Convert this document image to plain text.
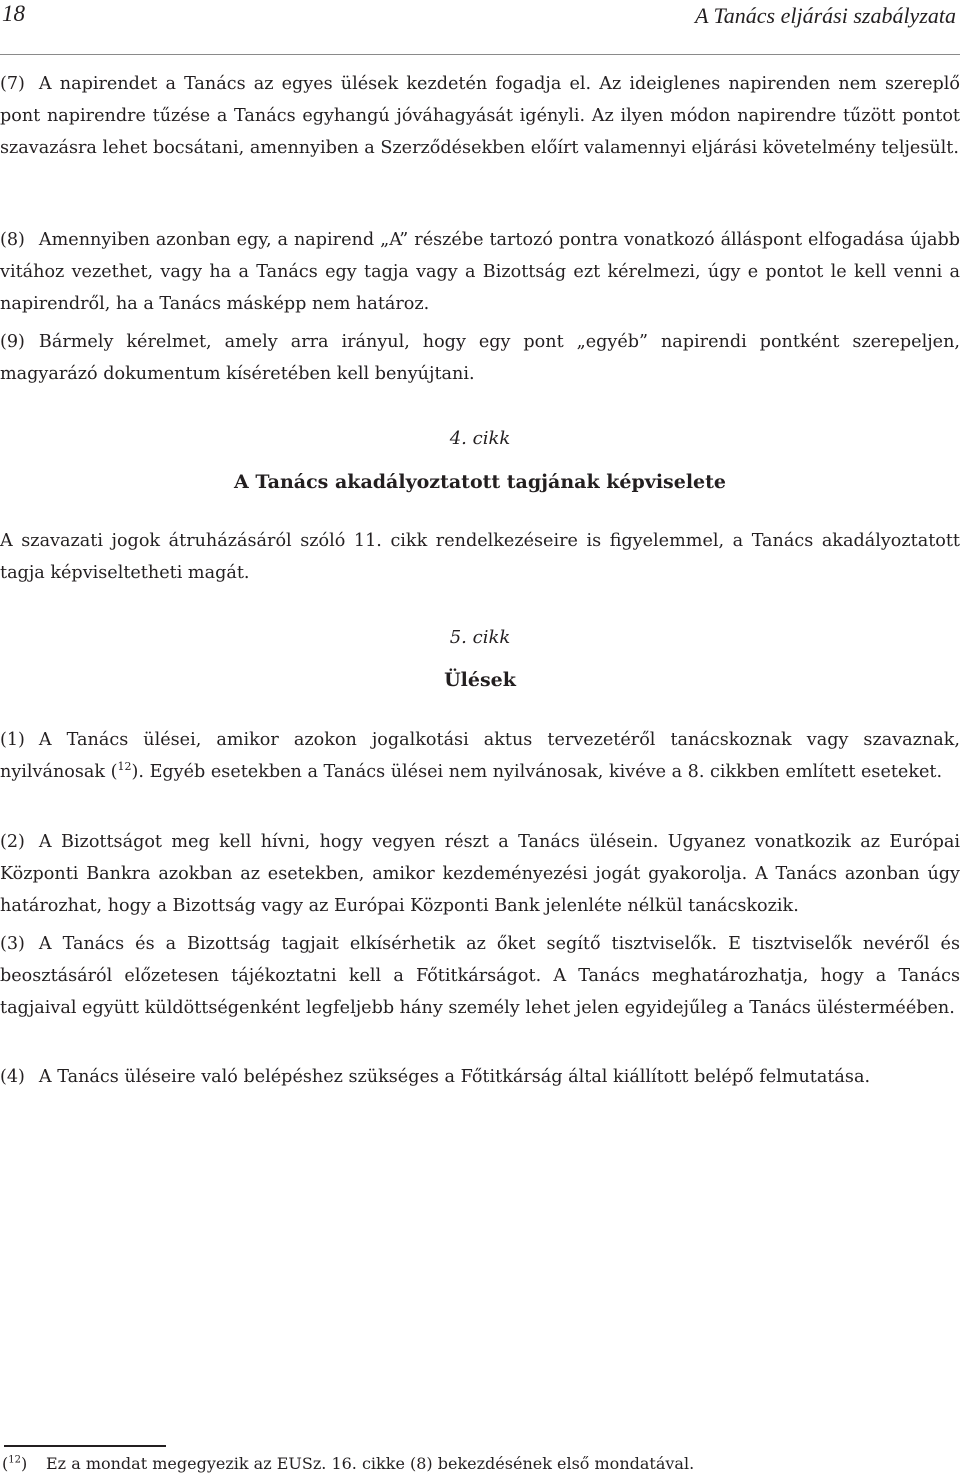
18	A Tanács eljárási szabályzata

(7) A napirendet a Tanács az egyes ülések kezdetén fogadja el. Az ideiglenes napirenden nem szereplő pont napirendre tűzése a Tanács egyhangú jóváhagyását igényli. Az ilyen módon napirendre tűzött pontot szavazásra lehet bocsátani, amennyiben a Szerződésekben előírt valamennyi eljárási követelmény teljesült.

(8) Amennyiben azonban egy, a napirend „A” részébe tartozó pontra vonatkozó álláspont elfogadása újabb vitához vezethet, vagy ha a Tanács egy tagja vagy a Bizottság ezt kérelmezi, úgy e pontot le kell venni a napirendről, ha a Tanács másképp nem határoz.

(9) Bármely kérelmet, amely arra irányul, hogy egy pont „egyéb” napirendi pontként szerepeljen, magyarázó dokumentum kíséretében kell benyújtani.

4. cikk
A Tanács akadályoztatott tagjának képviselete

A szavazati jogok átruházásáról szóló 11. cikk rendelkezéseire is figyelemmel, a Tanács akadályoztatott tagja képviseltetheti magát.

5. cikk
Ülések

(1) A Tanács ülései, amikor azokon jogalkotási aktus tervezetéről tanácskoznak vagy szavaznak, nyilvánosak ($^{12}$). Egyéb esetekben a Tanács ülései nem nyilvánosak, kivéve a 8. cikkben említett eseteket.

(2) A Bizottságot meg kell hívni, hogy vegyen részt a Tanács ülésein. Ugyanez vonatkozik az Európai Központi Bankra azokban az esetekben, amikor kezdeményezési jogát gyakorolja. A Tanács azonban úgy határozhat, hogy a Bizottság vagy az Európai Központi Bank jelenléte nélkül tanácskozik.

(3) A Tanács és a Bizottság tagjait elkísérhetik az őket segítő tisztviselők. E tisztviselők nevéről és beosztásáról előzetesen tájékoztatni kell a Főtitkárságot. A Tanács meghatározhatja, hogy a Tanács tagjaival együtt küldöttségenként legfeljebb hány személy lehet jelen egyidejűleg a Tanács ülésterméében.

(4) A Tanács üléseire való belépéshez szükséges a Főtitkárság által kiállított belépő felmutatása.

($^{12}$) Ez a mondat megegyezik az EUSz. 16. cikke (8) bekezdésének első mondatával.
